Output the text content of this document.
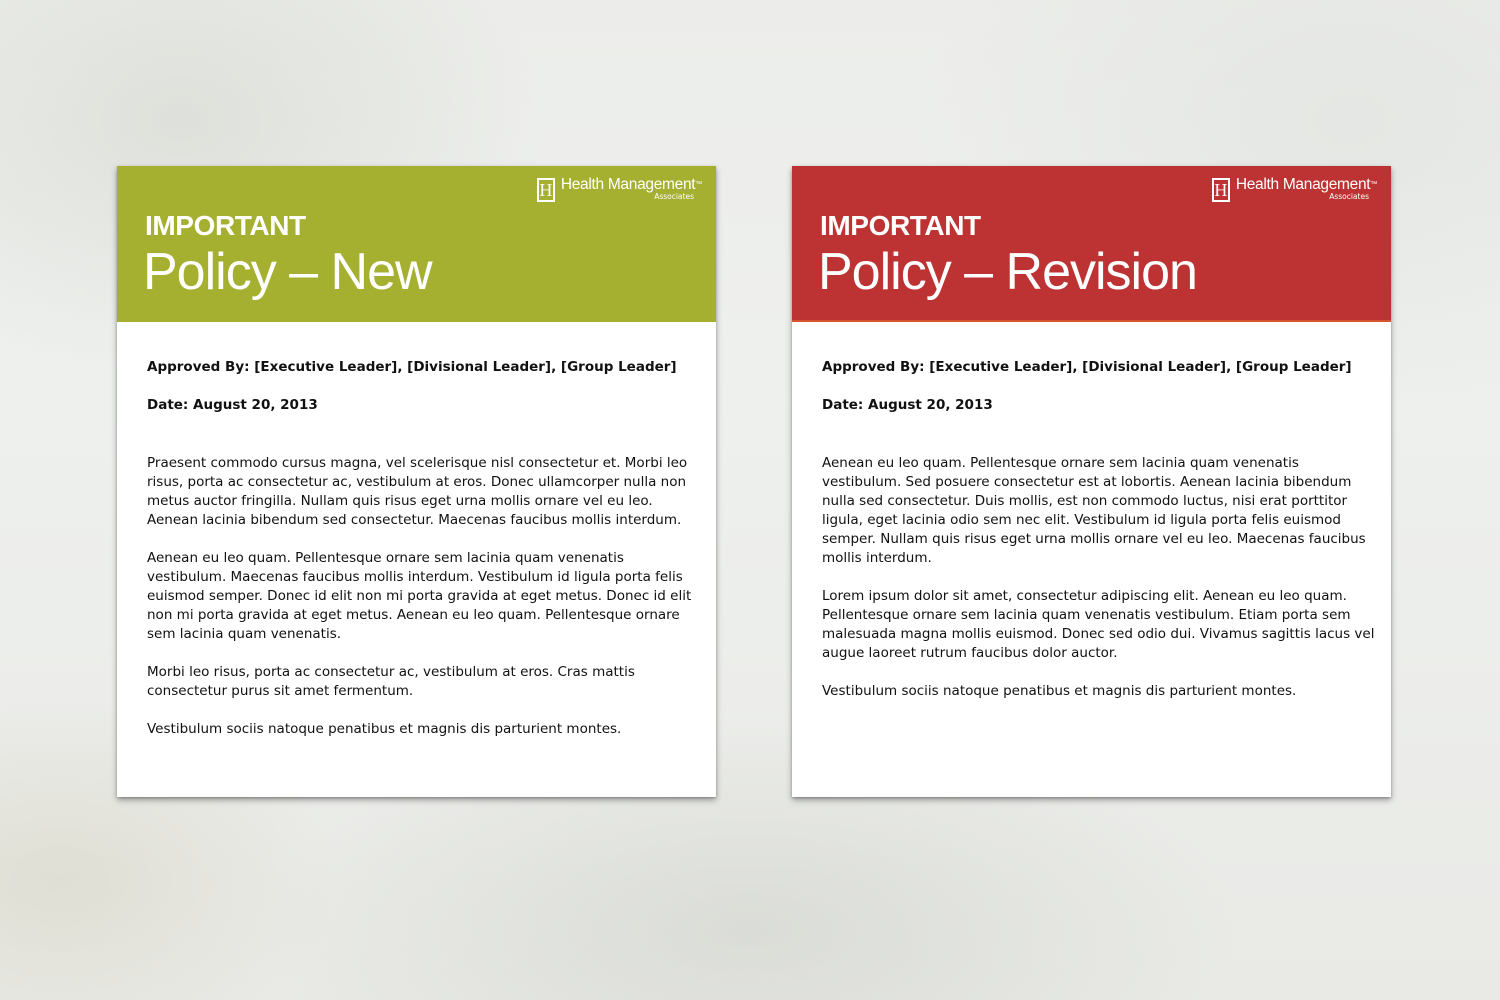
H Health Management™
Associates
IMPORTANT
Policy – New
Approved By: [Executive Leader], [Divisional Leader], [Group Leader]
Date: August 20, 2013

Praesent commodo cursus magna, vel scelerisque nisl consectetur et. Morbi leo risus, porta ac consectetur ac, vestibulum at eros. Donec ullamcorper nulla non metus auctor fringilla. Nullam quis risus eget urna mollis ornare vel eu leo. Aenean lacinia bibendum sed consectetur. Maecenas faucibus mollis interdum.

Aenean eu leo quam. Pellentesque ornare sem lacinia quam venenatis vestibulum. Maecenas faucibus mollis interdum. Vestibulum id ligula porta felis euismod semper. Donec id elit non mi porta gravida at eget metus. Donec id elit non mi porta gravida at eget metus. Aenean eu leo quam. Pellentesque ornare sem lacinia quam venenatis.

Morbi leo risus, porta ac consectetur ac, vestibulum at eros. Cras mattis consectetur purus sit amet fermentum.

Vestibulum sociis natoque penatibus et magnis dis parturient montes.

H Health Management™
Associates
IMPORTANT
Policy – Revision
Approved By: [Executive Leader], [Divisional Leader], [Group Leader]
Date: August 20, 2013

Aenean eu leo quam. Pellentesque ornare sem lacinia quam venenatis vestibulum. Sed posuere consectetur est at lobortis. Aenean lacinia bibendum nulla sed consectetur. Duis mollis, est non commodo luctus, nisi erat porttitor ligula, eget lacinia odio sem nec elit. Vestibulum id ligula porta felis euismod semper. Nullam quis risus eget urna mollis ornare vel eu leo. Maecenas faucibus mollis interdum.

Lorem ipsum dolor sit amet, consectetur adipiscing elit. Aenean eu leo quam. Pellentesque ornare sem lacinia quam venenatis vestibulum. Etiam porta sem malesuada magna mollis euismod. Donec sed odio dui. Vivamus sagittis lacus vel augue laoreet rutrum faucibus dolor auctor.

Vestibulum sociis natoque penatibus et magnis dis parturient montes.
